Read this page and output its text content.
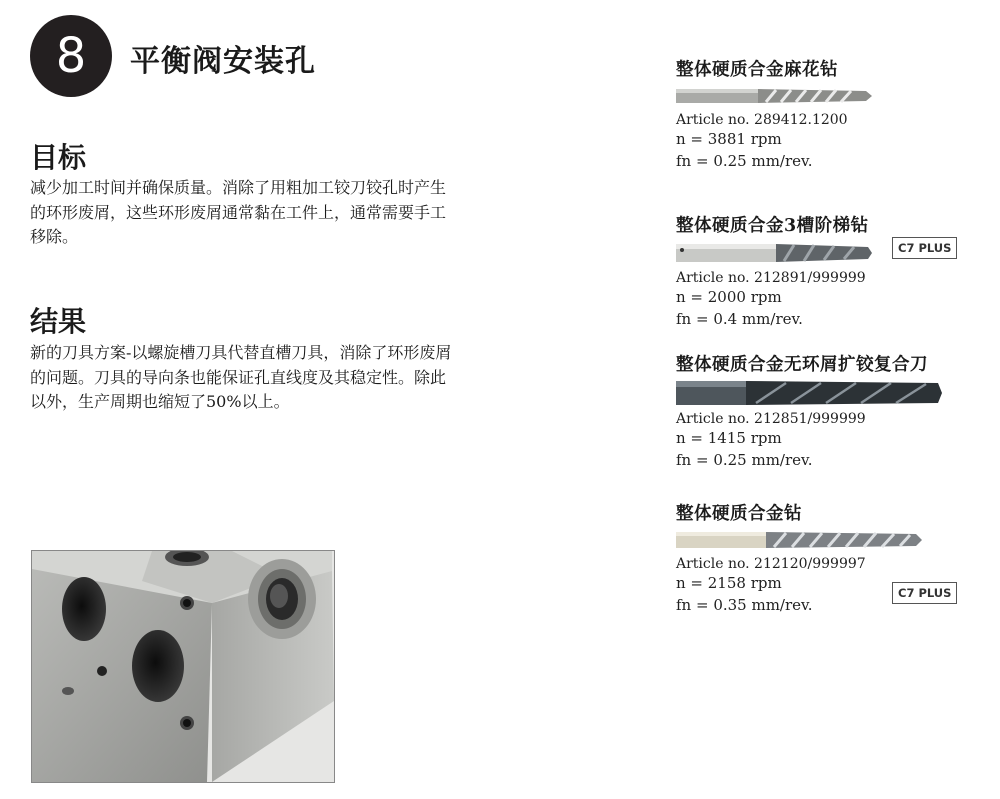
8 平衡阀安装孔
目标
减少加工时间并确保质量。消除了用粗加工铰刀铰孔时产生
的环形废屑，这些环形废屑通常黏在工件上，通常需要手工
移除。
结果
新的刀具方案-以螺旋槽刀具代替直槽刀具，消除了环形废屑
的问题。刀具的导向条也能保证孔直线度及其稳定性。除此
以外，生产周期也缩短了50%以上。
整体硬质合金麻花钻
Article no. 289412.1200
n = 3881 rpm
fn = 0.25 mm/rev.
整体硬质合金3槽阶梯钻
Article no. 212891/999999
n = 2000 rpm
fn = 0.4 mm/rev.
C7 PLUS
整体硬质合金无环屑扩铰复合刀
Article no. 212851/999999
n = 1415 rpm
fn = 0.25 mm/rev.
整体硬质合金钻
Article no. 212120/999997
n = 2158 rpm
fn = 0.35 mm/rev.
C7 PLUS
